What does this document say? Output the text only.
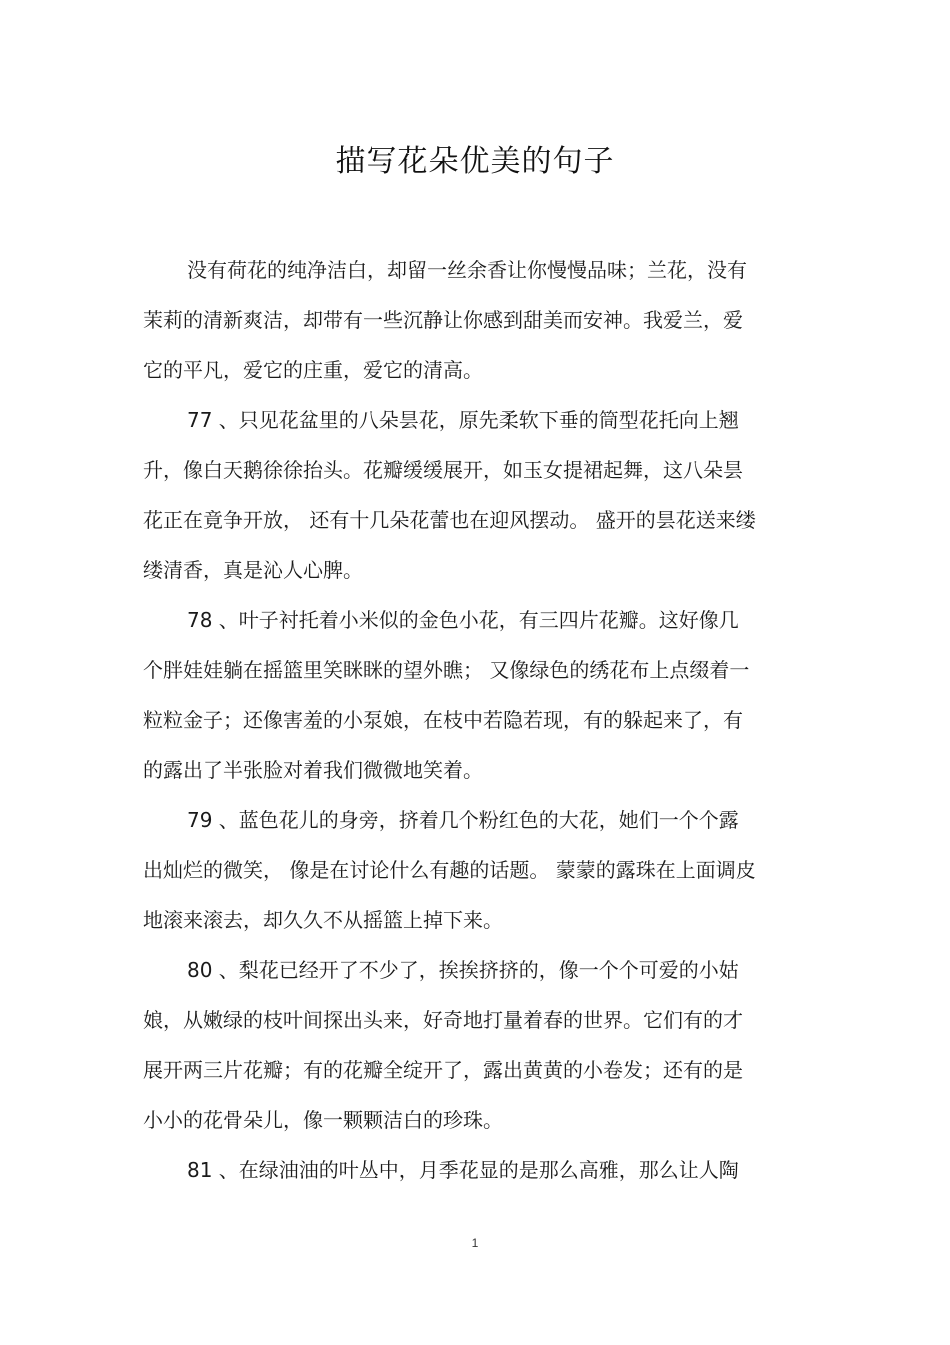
描写花朵优美的句子
没有荷花的纯净洁白，却留一丝余香让你慢慢品味；兰花，没有
茉莉的清新爽洁，却带有一些沉静让你感到甜美而安神。我爱兰，爱
它的平凡，爱它的庄重，爱它的清高。
77 、只见花盆里的八朵昙花，原先柔软下垂的筒型花托向上翘
升，像白天鹅徐徐抬头。花瓣缓缓展开，如玉女提裙起舞，这八朵昙
花正在竟争开放， 还有十几朵花蕾也在迎风摆动。 盛开的昙花送来缕
缕清香，真是沁人心脾。
78 、叶子衬托着小米似的金色小花，有三四片花瓣。这好像几
个胖娃娃躺在摇篮里笑眯眯的望外瞧； 又像绿色的绣花布上点缀着一
粒粒金子；还像害羞的小泵娘，在枝中若隐若现，有的躲起来了，有
的露出了半张脸对着我们微微地笑着。
79 、蓝色花儿的身旁，挤着几个粉红色的大花，她们一个个露
出灿烂的微笑， 像是在讨论什么有趣的话题。 蒙蒙的露珠在上面调皮
地滚来滚去，却久久不从摇篮上掉下来。
80 、梨花已经开了不少了，挨挨挤挤的，像一个个可爱的小姑
娘，从嫩绿的枝叶间探出头来，好奇地打量着春的世界。它们有的才
展开两三片花瓣；有的花瓣全绽开了，露出黄黄的小卷发；还有的是
小小的花骨朵儿，像一颗颗洁白的珍珠。
81 、在绿油油的叶丛中，月季花显的是那么高雅，那么让人陶
1
